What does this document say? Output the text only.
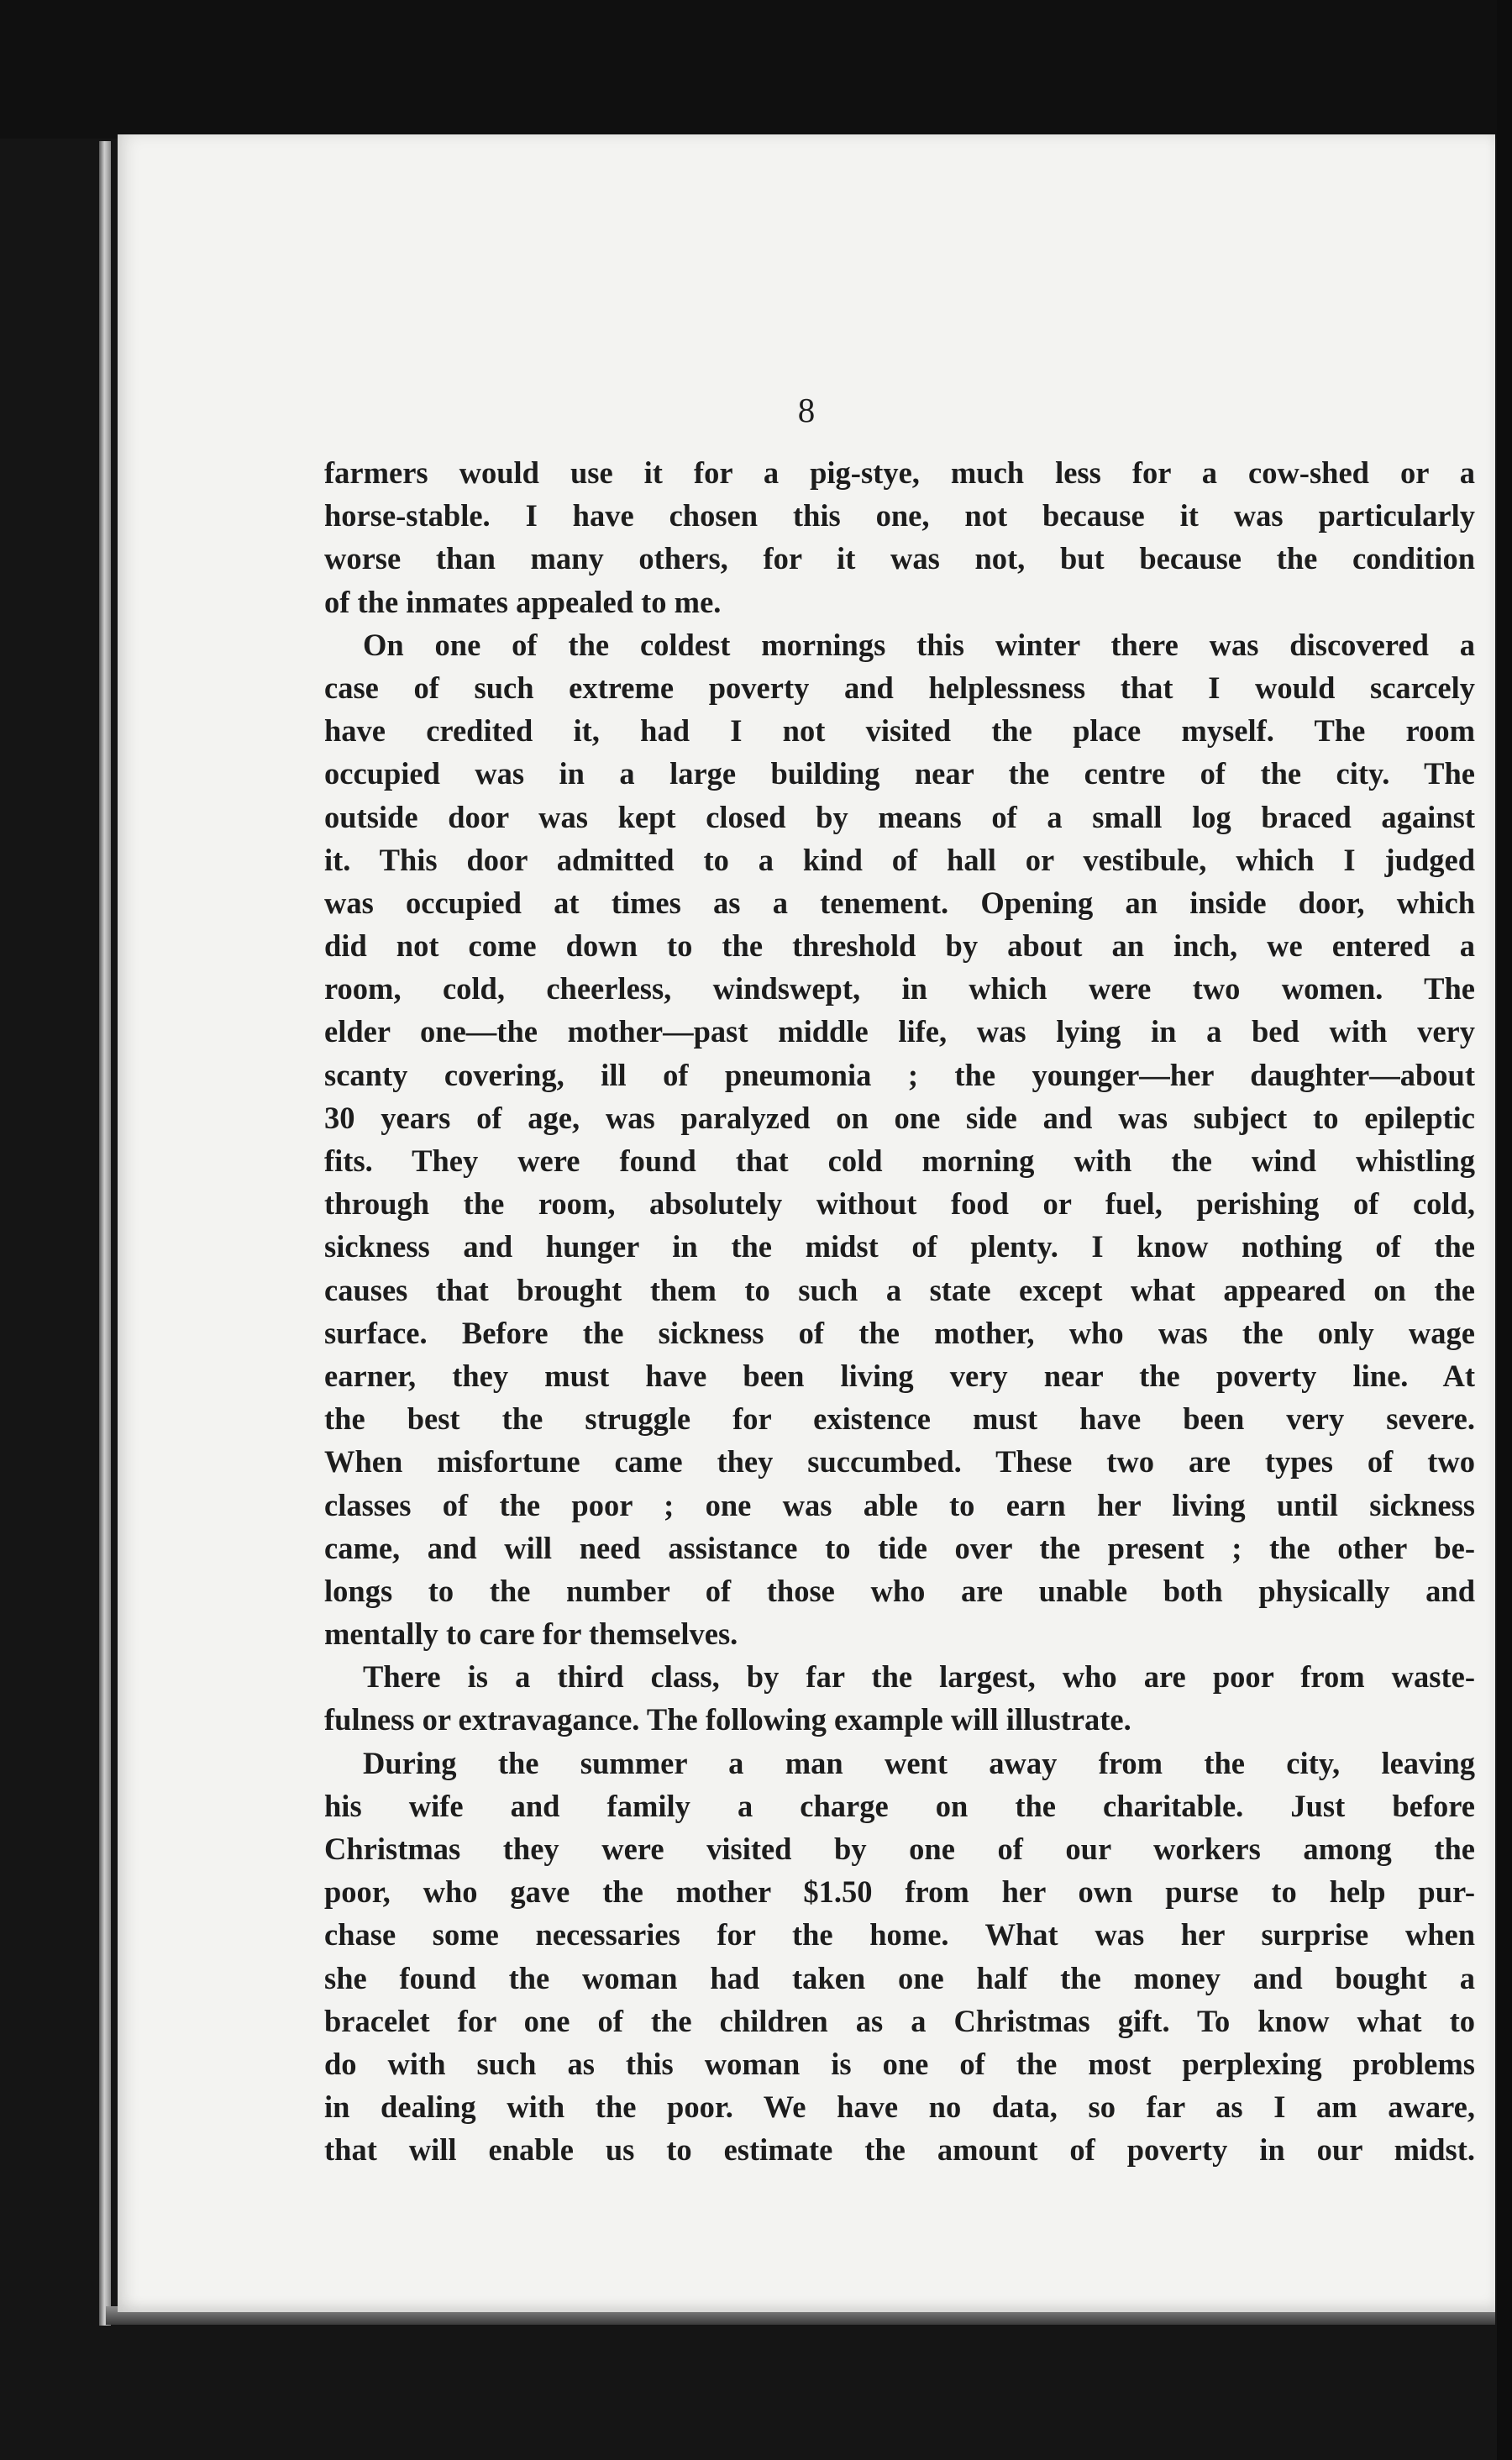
8
farmers would use it for a pig-stye, much less for a cow-shed or a
horse-stable. I have chosen this one, not because it was particularly
worse than many others, for it was not, but because the condition
of the inmates appealed to me.
On one of the coldest mornings this winter there was discovered a
case of such extreme poverty and helplessness that I would scarcely
have credited it, had I not visited the place myself. The room
occupied was in a large building near the centre of the city. The
outside door was kept closed by means of a small log braced against
it. This door admitted to a kind of hall or vestibule, which I judged
was occupied at times as a tenement. Opening an inside door, which
did not come down to the threshold by about an inch, we entered a
room, cold, cheerless, windswept, in which were two women. The
elder one—the mother—past middle life, was lying in a bed with very
scanty covering, ill of pneumonia ; the younger—her daughter—about
30 years of age, was paralyzed on one side and was subject to epileptic
fits. They were found that cold morning with the wind whistling
through the room, absolutely without food or fuel, perishing of cold,
sickness and hunger in the midst of plenty. I know nothing of the
causes that brought them to such a state except what appeared on the
surface. Before the sickness of the mother, who was the only wage
earner, they must have been living very near the poverty line. At
the best the struggle for existence must have been very severe.
When misfortune came they succumbed. These two are types of two
classes of the poor ; one was able to earn her living until sickness
came, and will need assistance to tide over the present ; the other be-
longs to the number of those who are unable both physically and
mentally to care for themselves.
There is a third class, by far the largest, who are poor from waste-
fulness or extravagance. The following example will illustrate.
During the summer a man went away from the city, leaving
his wife and family a charge on the charitable. Just before
Christmas they were visited by one of our workers among the
poor, who gave the mother $1.50 from her own purse to help pur-
chase some necessaries for the home. What was her surprise when
she found the woman had taken one half the money and bought a
bracelet for one of the children as a Christmas gift. To know what to
do with such as this woman is one of the most perplexing problems
in dealing with the poor. We have no data, so far as I am aware,
that will enable us to estimate the amount of poverty in our midst.
